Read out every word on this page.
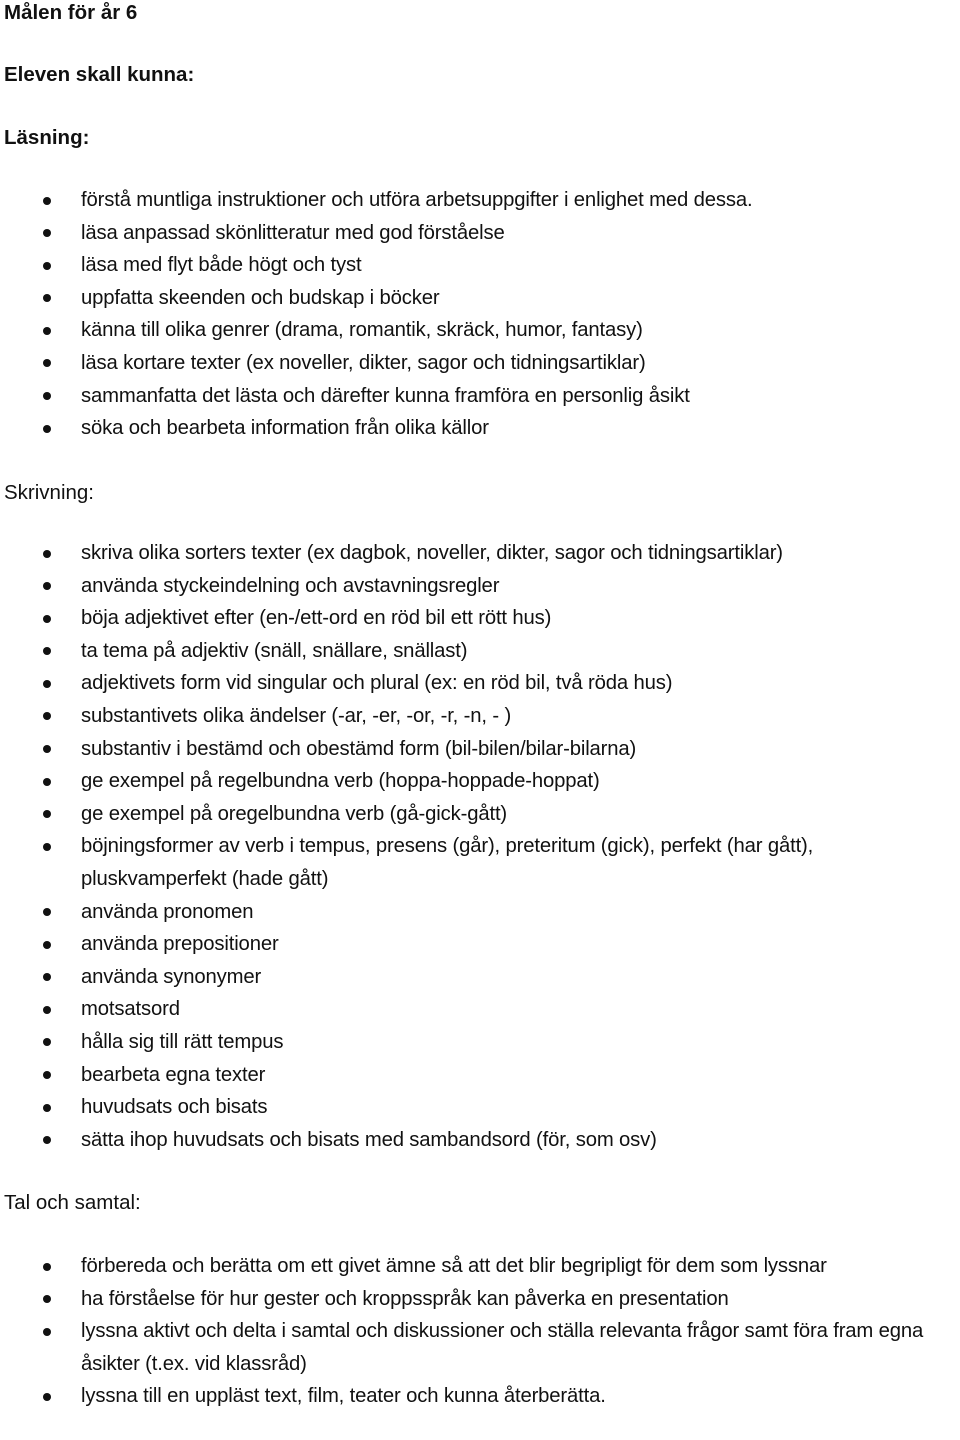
Målen för år 6
Eleven skall kunna:
Läsning:
förstå muntliga instruktioner och utföra arbetsuppgifter i enlighet med dessa.
läsa anpassad skönlitteratur med god förståelse
läsa med flyt både högt och tyst
uppfatta skeenden och budskap i böcker
känna till olika genrer (drama, romantik, skräck, humor, fantasy)
läsa kortare texter (ex noveller, dikter, sagor och tidningsartiklar)
sammanfatta det lästa och därefter kunna framföra en personlig åsikt
söka och bearbeta information från olika källor
Skrivning:
skriva olika sorters texter (ex dagbok, noveller, dikter, sagor och tidningsartiklar)
använda styckeindelning och avstavningsregler
böja adjektivet efter (en-/ett-ord en röd bil ett rött hus)
ta tema på adjektiv (snäll, snällare, snällast)
adjektivets form vid singular och plural (ex: en röd bil, två röda hus)
substantivets olika ändelser (-ar, -er, -or, -r, -n, - )
substantiv i bestämd och obestämd form (bil-bilen/bilar-bilarna)
ge exempel på regelbundna verb (hoppa-hoppade-hoppat)
ge exempel på oregelbundna verb (gå-gick-gått)
böjningsformer av verb i tempus, presens (går), preteritum (gick), perfekt (har gått), pluskvamperfekt (hade gått)
använda pronomen
använda prepositioner
använda synonymer
motsatsord
hålla sig till rätt tempus
bearbeta egna texter
huvudsats och bisats
sätta ihop huvudsats och bisats med sambandsord (för, som osv)
Tal och samtal:
förbereda och berätta om ett givet ämne så att det blir begripligt för dem som lyssnar
ha förståelse för hur gester och kroppsspråk kan påverka en presentation
lyssna aktivt och delta i samtal och diskussioner och ställa relevanta frågor samt föra fram egna åsikter (t.ex. vid klassråd)
lyssna till en uppläst text, film, teater och kunna återberätta.
